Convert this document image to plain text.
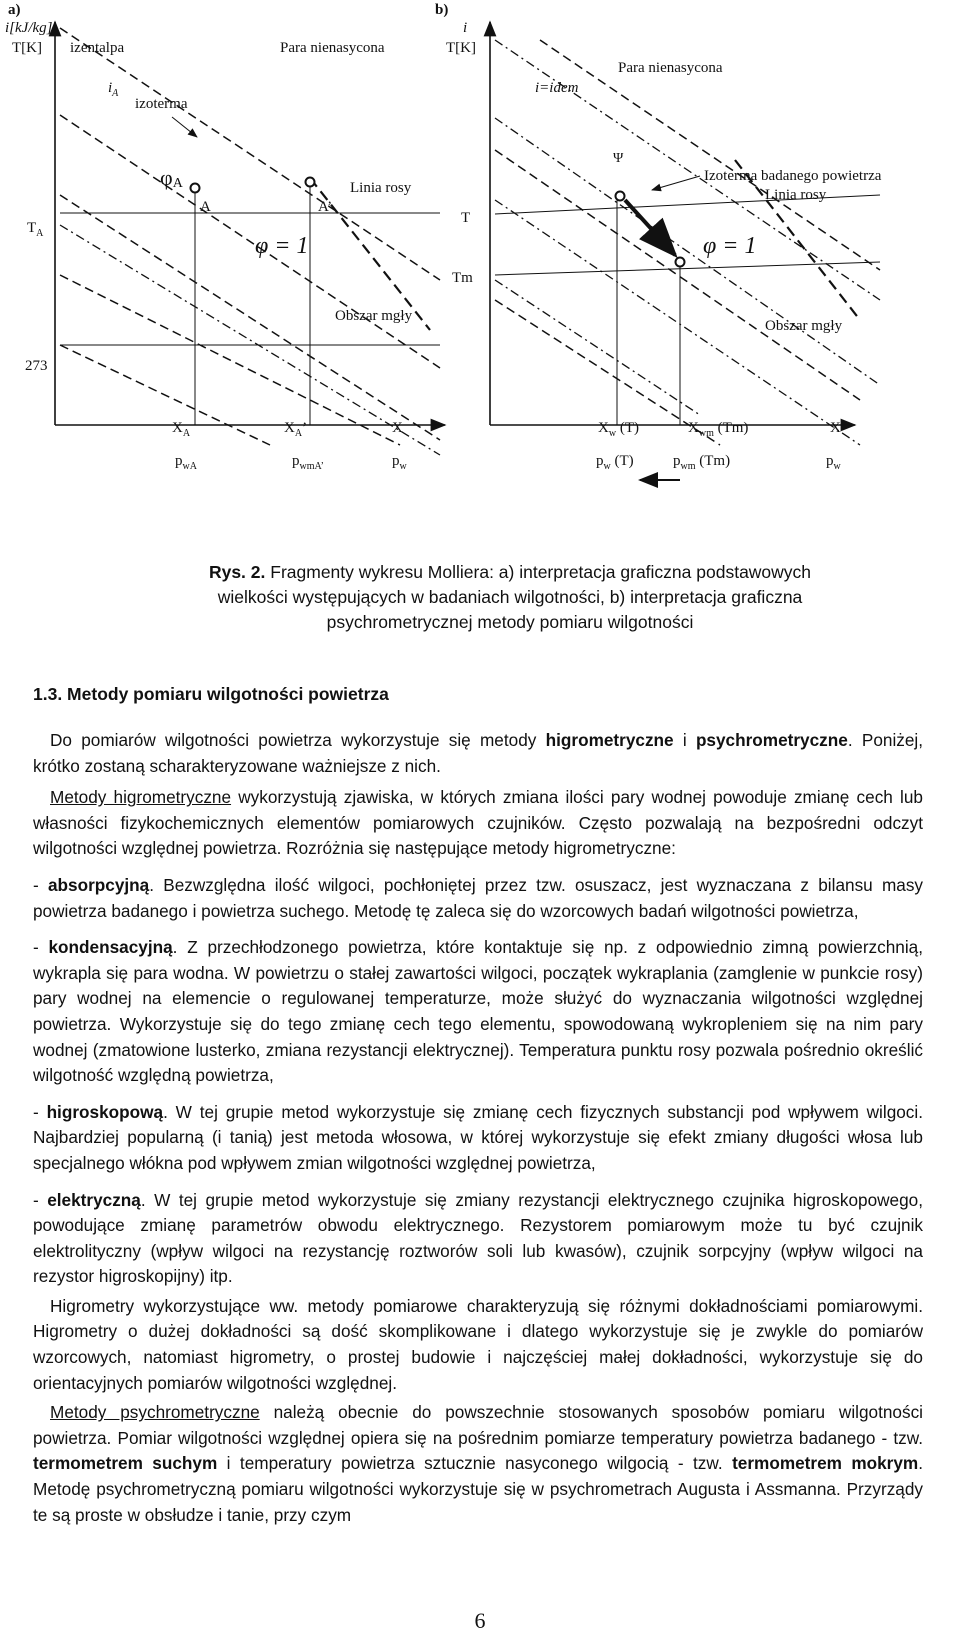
a)
i[kJ/kg]
T[K] izentalpa	Para nienasycona
$i_A$
izoterma
φA
A	A’
Linia rosy
$T_A$	φ = 1
Obszar mgły
273
$X_A$	$X_A$’	X
$p_{wA}$	$p_{wmA’}$	$p_w$
b)
i
T[K]
i=idem
Para nienasycona
Ψ
Izoterma badanego powietrza
Linia rosy
T
φ = 1
Tm
Obszar mgły
$X_w$ (T)	$X_{wm}$ (Tm)	X
$p_w$ (T)	$p_{wm}$ (Tm)	$p_w$
Rys. 2. Fragmenty wykresu Molliera: a) interpretacja graficzna podstawowych wielkości występujących w badaniach wilgotności, b) interpretacja graficzna psychrometrycznej metody pomiaru wilgotności
1.3. Metody pomiaru wilgotności powietrza

Do pomiarów wilgotności powietrza wykorzystuje się metody higrometryczne i psychrometryczne. Poniżej, krótko zostaną scharakteryzowane ważniejsze z nich.

Metody higrometryczne wykorzystują zjawiska, w których zmiana ilości pary wodnej powoduje zmianę cech lub własności fizykochemicznych elementów pomiarowych czujników. Często pozwalają na bezpośredni odczyt wilgotności względnej powietrza. Rozróżnia się następujące metody higrometryczne:

- absorpcyjną. Bezwzględna ilość wilgoci, pochłoniętej przez tzw. osuszacz, jest wyznaczana z bilansu masy powietrza badanego i powietrza suchego. Metodę tę zaleca się do wzorcowych badań wilgotności powietrza,

- kondensacyjną. Z przechłodzonego powietrza, które kontaktuje się np. z odpowiednio zimną powierzchnią, wykrapla się para wodna. W powietrzu o stałej zawartości wilgoci, początek wykraplania (zamglenie w punkcie rosy) pary wodnej na elemencie o regulowanej temperaturze, może służyć do wyznaczania wilgotności względnej powietrza. Wykorzystuje się do tego zmianę cech tego elementu, spowodowaną wykropleniem się na nim pary wodnej (zmatowione lusterko, zmiana rezystancji elektrycznej). Temperatura punktu rosy pozwala pośrednio określić wilgotność względną powietrza,

- higroskopową. W tej grupie metod wykorzystuje się zmianę cech fizycznych substancji pod wpływem wilgoci. Najbardziej popularną (i tanią) jest metoda włosowa, w której wykorzystuje się efekt zmiany długości włosa lub specjalnego włókna pod wpływem zmian wilgotności względnej powietrza,

- elektryczną. W tej grupie metod wykorzystuje się zmiany rezystancji elektrycznego czujnika higroskopowego, powodujące zmianę parametrów obwodu elektrycznego. Rezystorem pomiarowym może tu być czujnik elektrolityczny (wpływ wilgoci na rezystancję roztworów soli lub kwasów), czujnik sorpcyjny (wpływ wilgoci na rezystor higroskopijny) itp.

Higrometry wykorzystujące ww. metody pomiarowe charakteryzują się różnymi dokładnościami pomiarowymi. Higrometry o dużej dokładności są dość skomplikowane i dlatego wykorzystuje się je zwykle do pomiarów wzorcowych, natomiast higrometry, o prostej budowie i najczęściej małej dokładności, wykorzystuje się do orientacyjnych pomiarów wilgotności względnej.

Metody psychrometryczne należą obecnie do powszechnie stosowanych sposobów pomiaru wilgotności powietrza. Pomiar wilgotności względnej opiera się na pośrednim pomiarze temperatury powietrza badanego - tzw. termometrem suchym i temperatury powietrza sztucznie nasyconego wilgocią - tzw. termometrem mokrym. Metodę psychrometryczną pomiaru wilgotności wykorzystuje się w psychrometrach Augusta i Assmanna. Przyrządy te są proste w obsłudze i tanie, przy czym

6
